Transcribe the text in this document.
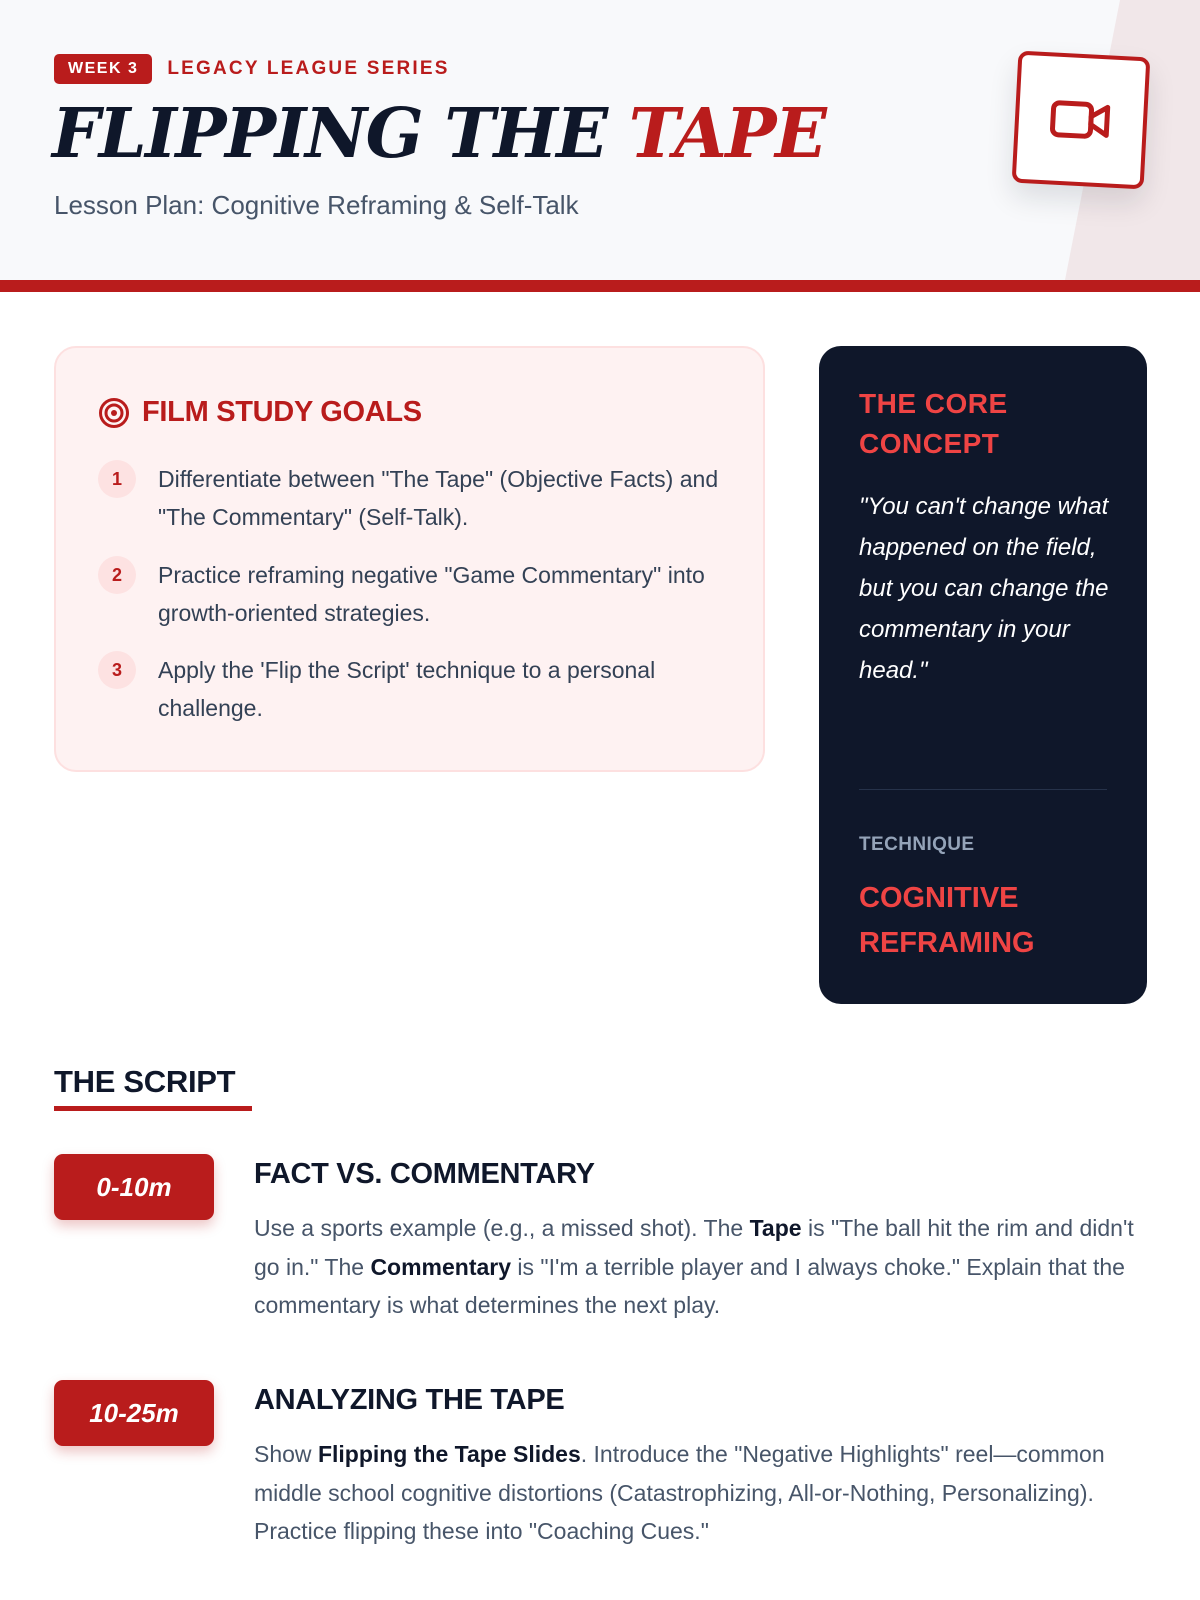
WEEK 3	LEGACY LEAGUE SERIES
FLIPPING THE TAPE
Lesson Plan: Cognitive Reframing & Self-Talk
FILM STUDY GOALS
1	Differentiate between "The Tape" (Objective Facts) and "The Commentary" (Self-Talk).
2	Practice reframing negative "Game Commentary" into growth-oriented strategies.
3	Apply the 'Flip the Script' technique to a personal challenge.
THE CORE CONCEPT
"You can't change what happened on the field, but you can change the commentary in your head."
TECHNIQUE
COGNITIVE REFRAMING
THE SCRIPT
0-10m	FACT VS. COMMENTARY

Use a sports example (e.g., a missed shot). The Tape is "The ball hit the rim and didn't go in." The Commentary is "I'm a terrible player and I always choke." Explain that the commentary is what determines the next play.

10-25m	ANALYZING THE TAPE

Show Flipping the Tape Slides. Introduce the "Negative Highlights" reel—common middle school cognitive distortions (Catastrophizing, All-or-Nothing, Personalizing). Practice flipping these into "Coaching Cues."
